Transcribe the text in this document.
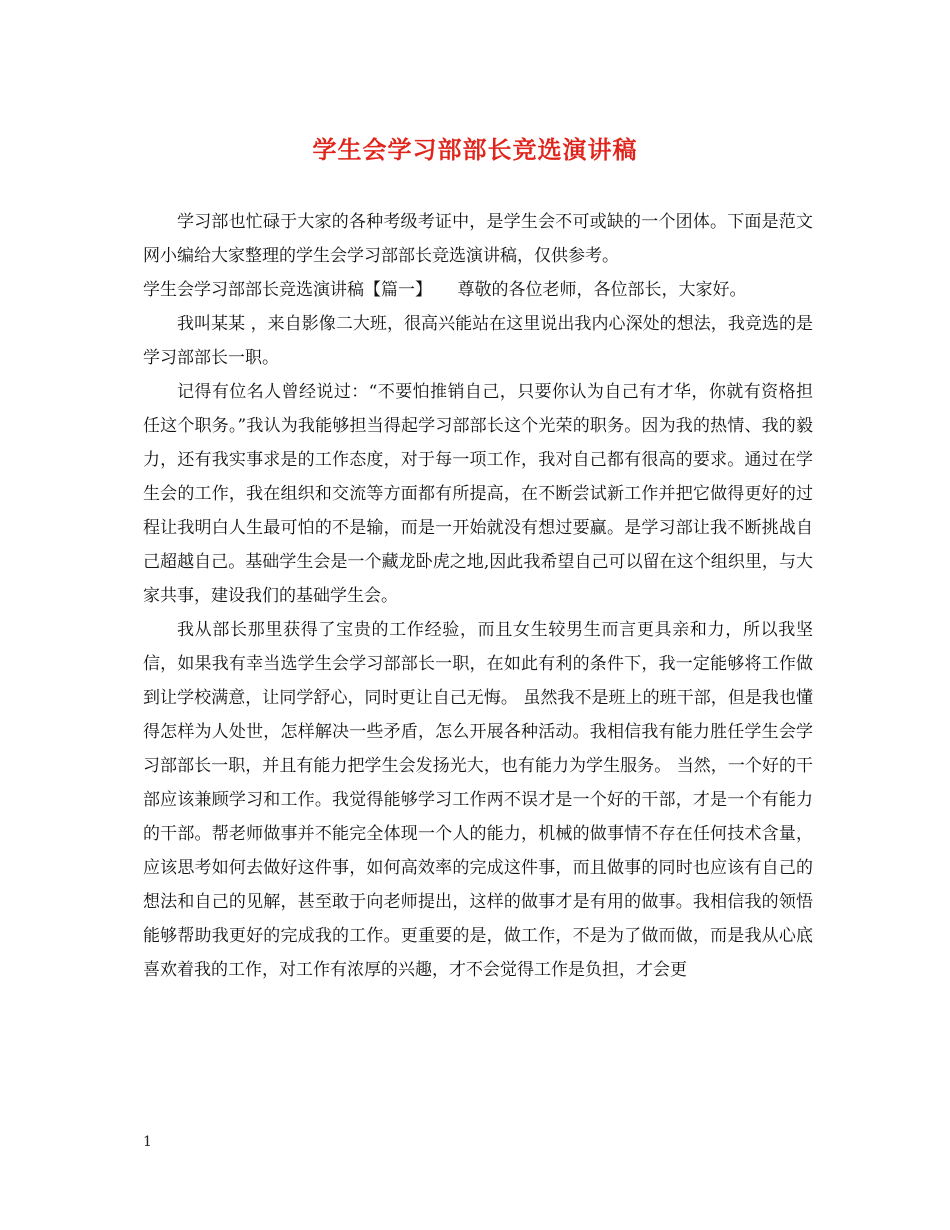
学生会学习部部长竞选演讲稿

学习部也忙碌于大家的各种考级考证中，是学生会不可或缺的一个团体。下面是范文网小编给大家整理的学生会学习部部长竞选演讲稿，仅供参考。

学生会学习部部长竞选演讲稿【篇一】　　尊敬的各位老师，各位部长，大家好。

我叫某某 ，来自影像二大班，很高兴能站在这里说出我内心深处的想法，我竞选的是学习部部长一职。

记得有位名人曾经说过：“不要怕推销自己，只要你认为自己有才华，你就有资格担任这个职务。”我认为我能够担当得起学习部部长这个光荣的职务。因为我的热情、我的毅力，还有我实事求是的工作态度，对于每一项工作，我对自己都有很高的要求。通过在学生会的工作，我在组织和交流等方面都有所提高，在不断尝试新工作并把它做得更好的过程让我明白人生最可怕的不是输，而是一开始就没有想过要赢。是学习部让我不断挑战自己超越自己。基础学生会是一个藏龙卧虎之地,因此我希望自己可以留在这个组织里，与大家共事，建设我们的基础学生会。

我从部长那里获得了宝贵的工作经验，而且女生较男生而言更具亲和力，所以我坚信，如果我有幸当选学生会学习部部长一职，在如此有利的条件下，我一定能够将工作做到让学校满意，让同学舒心，同时更让自己无悔。 虽然我不是班上的班干部，但是我也懂得怎样为人处世，怎样解决一些矛盾，怎么开展各种活动。我相信我有能力胜任学生会学习部部长一职，并且有能力把学生会发扬光大，也有能力为学生服务。 当然，一个好的干部应该兼顾学习和工作。我觉得能够学习工作两不误才是一个好的干部，才是一个有能力的干部。帮老师做事并不能完全体现一个人的能力，机械的做事情不存在任何技术含量，应该思考如何去做好这件事，如何高效率的完成这件事，而且做事的同时也应该有自己的想法和自己的见解，甚至敢于向老师提出，这样的做事才是有用的做事。我相信我的领悟能够帮助我更好的完成我的工作。更重要的是，做工作，不是为了做而做，而是我从心底喜欢着我的工作，对工作有浓厚的兴趣，才不会觉得工作是负担，才会更

1
